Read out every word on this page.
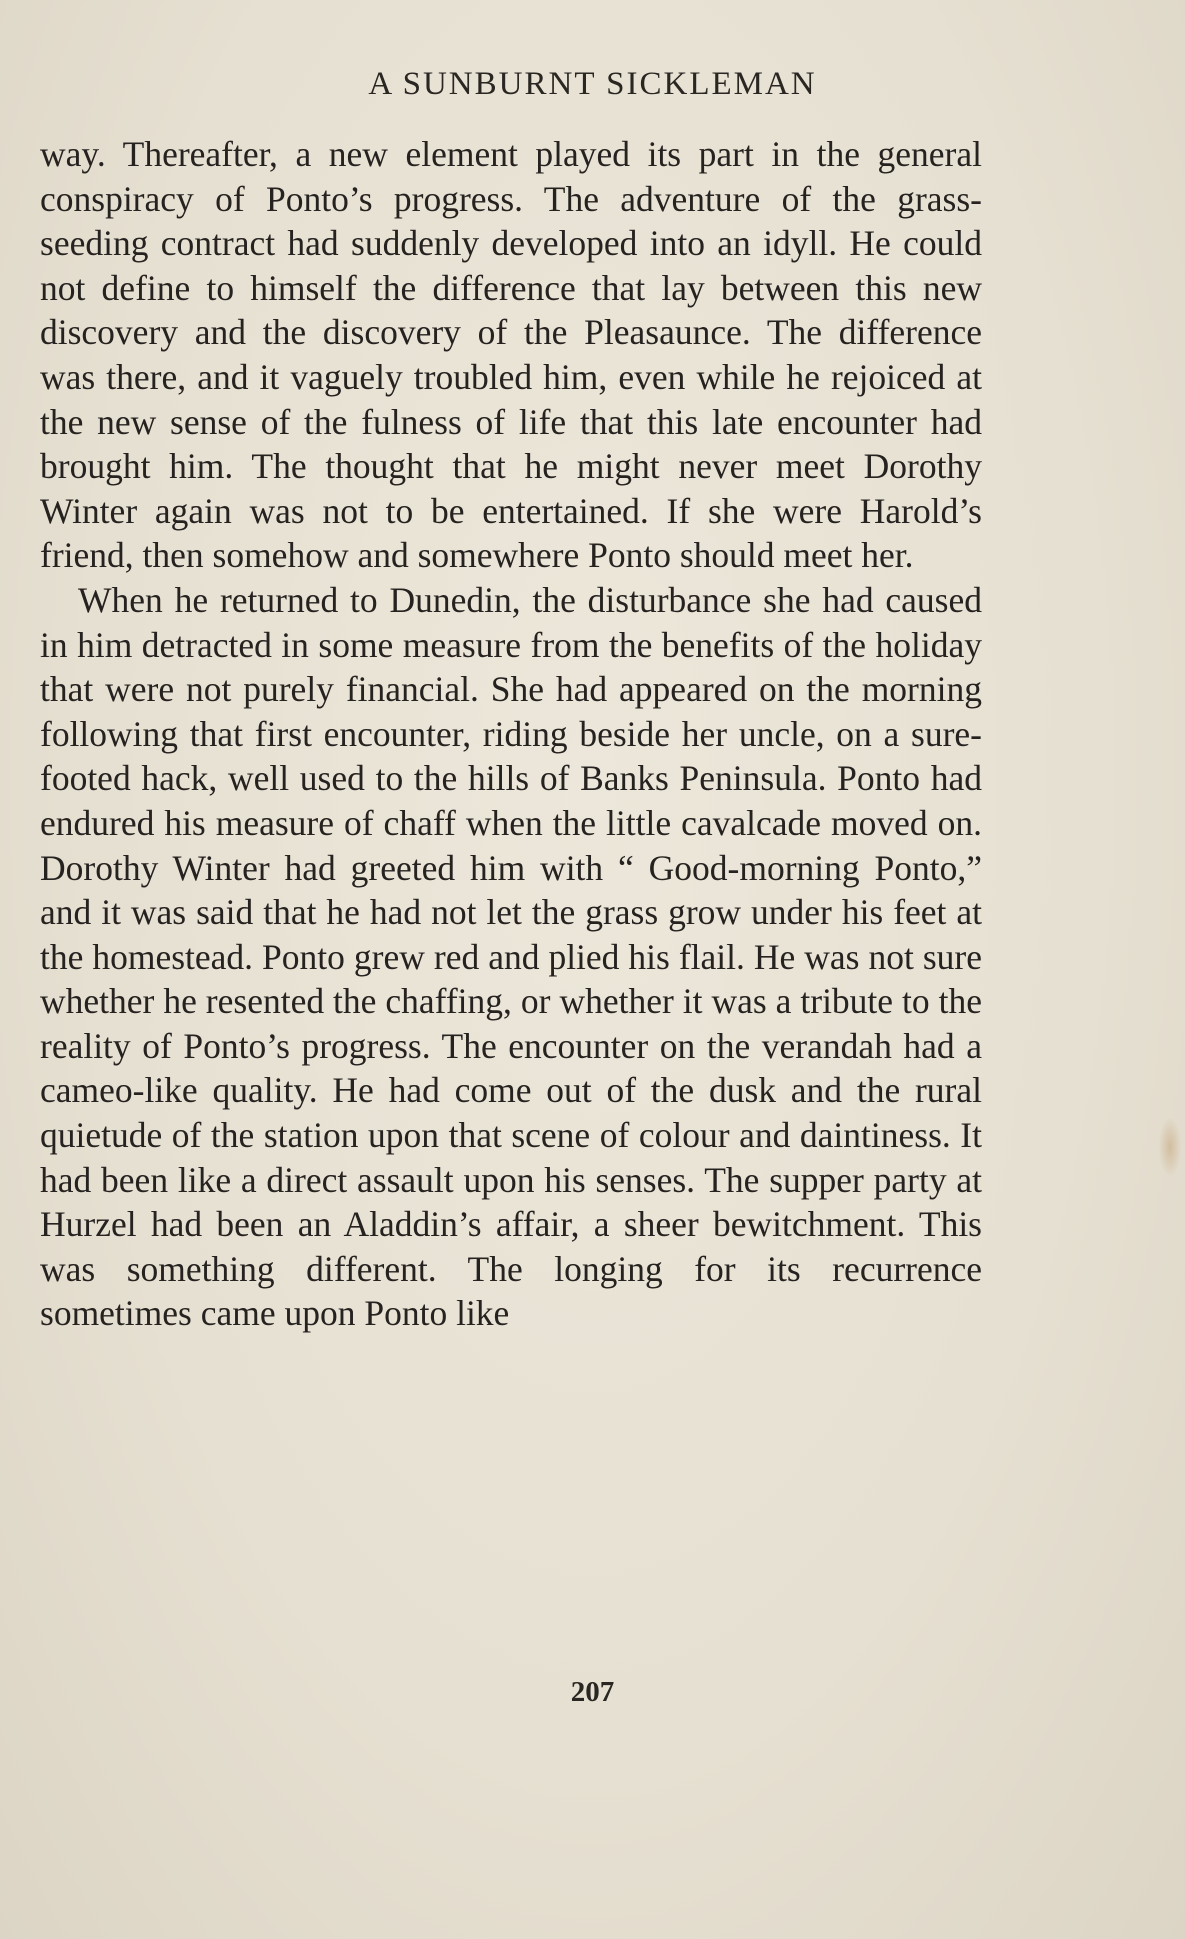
A SUNBURNT SICKLEMAN

way. Thereafter, a new element played its part in the general conspiracy of Ponto’s progress. The adventure of the grass-seeding contract had suddenly developed into an idyll. He could not define to himself the difference that lay between this new discovery and the discovery of the Pleasaunce. The difference was there, and it vaguely troubled him, even while he rejoiced at the new sense of the fulness of life that this late encounter had brought him. The thought that he might never meet Dorothy Winter again was not to be entertained. If she were Harold’s friend, then somehow and somewhere Ponto should meet her.

When he returned to Dunedin, the disturbance she had caused in him detracted in some measure from the benefits of the holiday that were not purely financial. She had appeared on the morning following that first encounter, riding beside her uncle, on a sure-footed hack, well used to the hills of Banks Peninsula. Ponto had endured his measure of chaff when the little cavalcade moved on. Dorothy Winter had greeted him with “ Good-morning Ponto,” and it was said that he had not let the grass grow under his feet at the homestead. Ponto grew red and plied his flail. He was not sure whether he resented the chaffing, or whether it was a tribute to the reality of Ponto’s progress. The encounter on the verandah had a cameo-like quality. He had come out of the dusk and the rural quietude of the station upon that scene of colour and daintiness. It had been like a direct assault upon his senses. The supper party at Hurzel had been an Aladdin’s affair, a sheer bewitchment. This was something different. The longing for its recurrence sometimes came upon Ponto like

207
